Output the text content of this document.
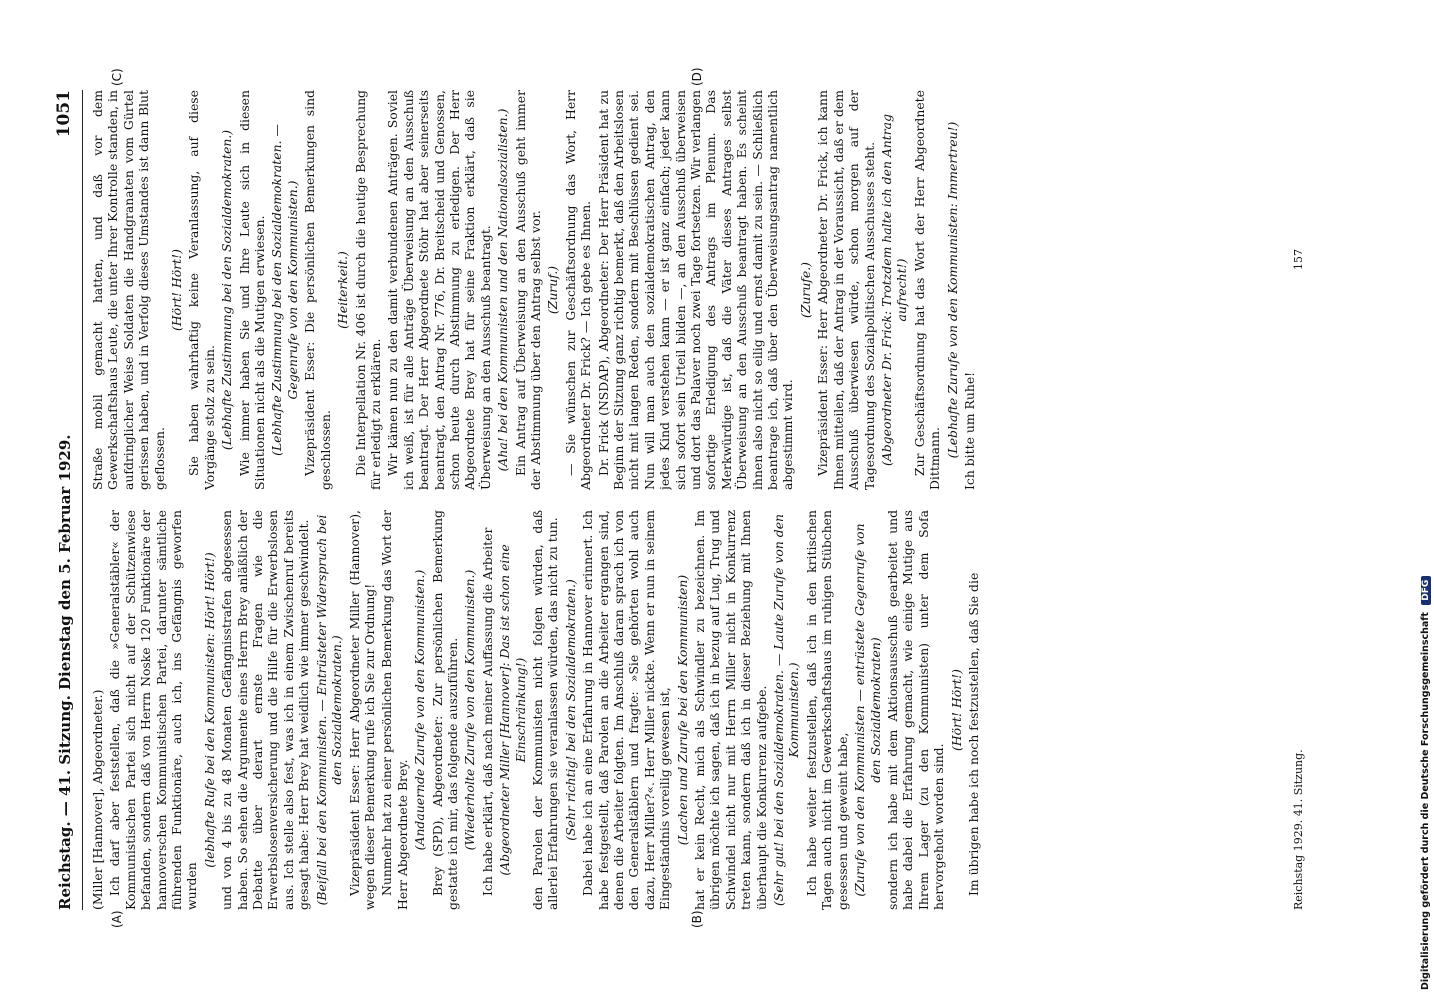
Reichstag. — 41. Sitzung. Dienstag den 5. Februar 1929.
1051

(Miller [Hannover], Abgeordneter.) Ich darf aber feststellen, daß die »Generalstäbler« der Kommunistischen Partei sich nicht auf der Schützenwiese befanden, sondern daß von Herrn Noske 120 Funktionäre der hannoverschen Kommunistischen Partei, darunter sämtliche führenden Funktionäre, auch ich, ins Gefängnis geworfen wurden

(lebhafte Rufe bei den Kommunisten: Hört! Hört!) und von 4 bis zu 48 Monaten Gefängnisstrafen abgesessen haben. So sehen die Argumente eines Herrn Brey anläßlich der Debatte über derart ernste Fragen wie die Erwerbslosenversicherung und die Hilfe für die Erwerbslosen aus. Ich stelle also fest, was ich in einem Zwischenruf bereits gesagt habe: Herr Brey hat weidlich wie immer geschwindelt. (Beifall bei den Kommunisten. — Entrüsteter Widerspruch bei den Sozialdemokraten.) Vizepräsident Esser: Herr Abgeordneter Miller (Hannover), wegen dieser Bemerkung rufe ich Sie zur Ordnung! Nunmehr hat zu einer persönlichen Bemerkung das Wort der Herr Abgeordnete Brey. (Andauernde Zurufe von den Kommunisten.) Brey (SPD), Abgeordneter: Zur persönlichen Bemerkung gestatte ich mir, das folgende auszuführen. (Wiederholte Zurufe von den Kommunisten.) Ich habe erklärt, daß nach meiner Auffassung die Arbeiter (Abgeordneter Miller [Hannover]: Das ist schon eine Einschränkung!) den Parolen der Kommunisten nicht folgen würden, daß allerlei Erfahrungen sie veranlassen würden, das nicht zu tun. (Sehr richtig! bei den Sozialdemokraten.) Dabei habe ich an eine Erfahrung in Hannover erinnert. Ich habe festgestellt, daß Parolen an die Arbeiter ergangen sind, denen die Arbeiter folgten. Im Anschluß daran sprach ich von den Generalstäblern und fragte: »Sie gehörten wohl auch dazu, Herr Miller?«. Herr Miller nickte. Wenn er nun in seinem Eingeständnis voreilig gewesen ist, (Lachen und Zurufe bei den Kommunisten) hat er kein Recht, mich als Schwindler zu bezeichnen. Im übrigen möchte ich sagen, daß ich in bezug auf Lug, Trug und Schwindel nicht nur mit Herrn Miller nicht in Konkurrenz treten kann, sondern daß ich in dieser Beziehung mit Ihnen überhaupt die Konkurrenz aufgebe. (Sehr gut! bei den Sozialdemokraten. — Laute Zurufe von den Kommunisten.) Ich habe weiter festzustellen, daß ich in den kritischen Tagen auch nicht im Gewerkschaftshaus im ruhigen Stübchen gesessen und geweint habe, (Zurufe von den Kommunisten — entrüstete Gegenrufe von den Sozialdemokraten) sondern ich habe mit dem Aktionsausschuß gearbeitet und habe dabei die Erfahrung gemacht, wie einige Mutige aus Ihrem Lager (zu den Kommunisten) unter dem Sofa hervorgeholt worden sind.

(Hört! Hört!) Im übrigen habe ich noch festzustellen, daß Sie die

Straße mobil gemacht hatten, und daß vor dem Gewerkschaftshaus Leute, die unter Ihrer Kontrolle standen, in aufdringlicher Weise Soldaten die Handgranaten vom Gürtel gerissen haben, und in Verfolg dieses Umstandes ist dann Blut geflossen.

(Hört! Hört!) Sie haben wahrhaftig keine Veranlassung, auf diese Vorgänge stolz zu sein. (Lebhafte Zustimmung bei den Sozialdemokraten.) Wie immer haben Sie und Ihre Leute sich in diesen Situationen nicht als die Mutigen erwiesen. (Lebhafte Zustimmung bei den Sozialdemokraten. — Gegenrufe von den Kommunisten.) Vizepräsident Esser: Die persönlichen Bemerkungen sind geschlossen.

(Heiterkeit.) Die Interpellation Nr. 406 ist durch die heutige Besprechung für erledigt zu erklären. Wir kämen nun zu den damit verbundenen Anträgen. Soviel ich weiß, ist für alle Anträge Überweisung an den Ausschuß beantragt. Der Herr Abgeordnete Stöhr hat aber seinerseits beantragt, den Antrag Nr. 776, Dr. Breitscheid und Genossen, schon heute durch Abstimmung zu erledigen. Der Herr Abgeordnete Brey hat für seine Fraktion erklärt, daß sie Überweisung an den Ausschuß beantragt. (Aha! bei den Kommunisten und den Nationalsozialisten.) Ein Antrag auf Überweisung an den Ausschuß geht immer der Abstimmung über den Antrag selbst vor. (Zuruf.) — Sie wünschen zur Geschäftsordnung das Wort, Herr Abgeordneter Dr. Frick? — Ich gebe es Ihnen. Dr. Frick (NSDAP), Abgeordneter: Der Herr Präsident hat zu Beginn der Sitzung ganz richtig bemerkt, daß den Arbeitslosen nicht mit langen Reden, sondern mit Beschlüssen gedient sei. Nun will man auch den sozialdemokratischen Antrag, den jedes Kind verstehen kann — er ist ganz einfach; jeder kann sich sofort sein Urteil bilden —, an den Ausschuß überweisen und dort das Palaver noch zwei Tage fortsetzen. Wir verlangen sofortige Erledigung des Antrags im Plenum. Das Merkwürdige ist, daß die Väter dieses Antrages selbst Überweisung an den Ausschuß beantragt haben. Es scheint ihnen also nicht so eilig und ernst damit zu sein. — Schließlich beantrage ich, daß über den Überweisungsantrag namentlich abgestimmt wird.

(Zurufe.) Vizepräsident Esser: Herr Abgeordneter Dr. Frick, ich kann Ihnen mitteilen, daß der Antrag in der Voraussicht, daß er dem Ausschuß überwiesen würde, schon morgen auf der Tagesordnung des Sozialpolitischen Ausschusses steht. (Abgeordneter Dr. Frick: Trotzdem halte ich den Antrag aufrecht!) Zur Geschäftsordnung hat das Wort der Herr Abgeordnete Dittmann.

(Lebhafte Zurufe von den Kommunisten: Immertreu!) Ich bitte um Ruhe!

(A)	(B)
(C)	(D)
Reichstag 1929. 41. Sitzung.
157
Digitalisierung gefördert durch die Deutsche Forschungsgemeinschaft DFG
